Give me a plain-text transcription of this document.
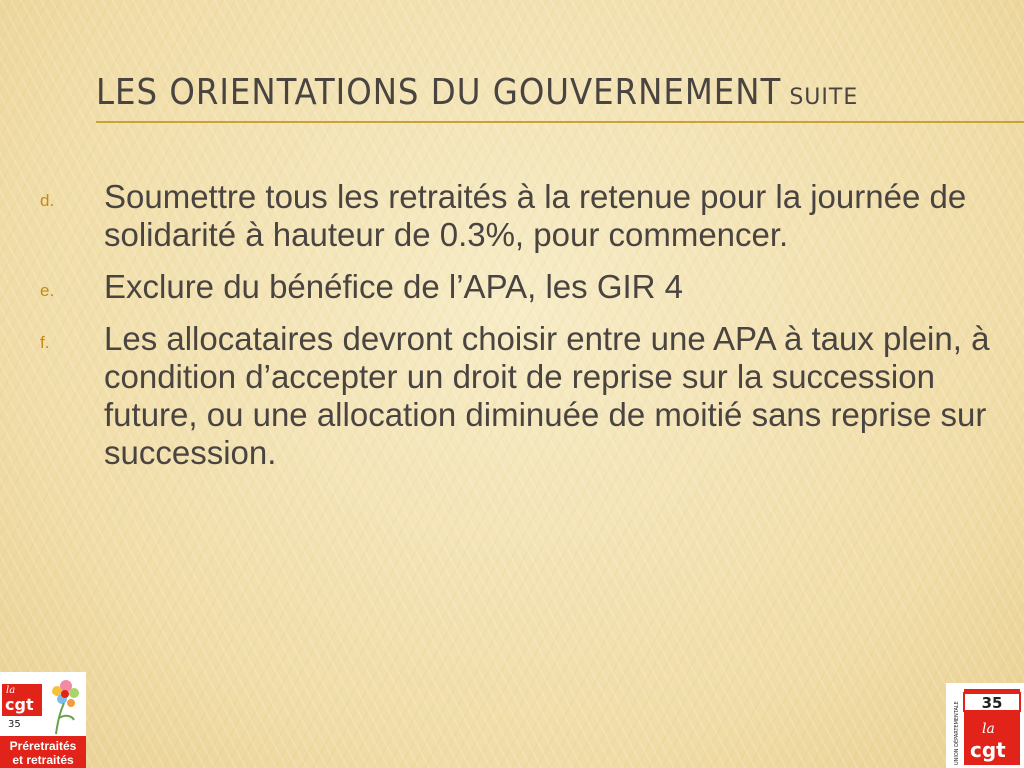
LES ORIENTATIONS DU GOUVERNEMENT SUITE
d.	Soumettre tous les retraités à la retenue pour la journée de solidarité à hauteur de 0.3%, pour commencer.
e.	Exclure du bénéfice de l’APA, les GIR 4
f.	Les allocataires devront choisir entre une APA à taux plein, à condition d’accepter un droit de reprise sur la succession future, ou une allocation diminuée de moitié sans reprise sur succession.
la
cgt
35
Préretraités
et retraités
35
la
cgt
UNION DÉPARTEMENTALE
